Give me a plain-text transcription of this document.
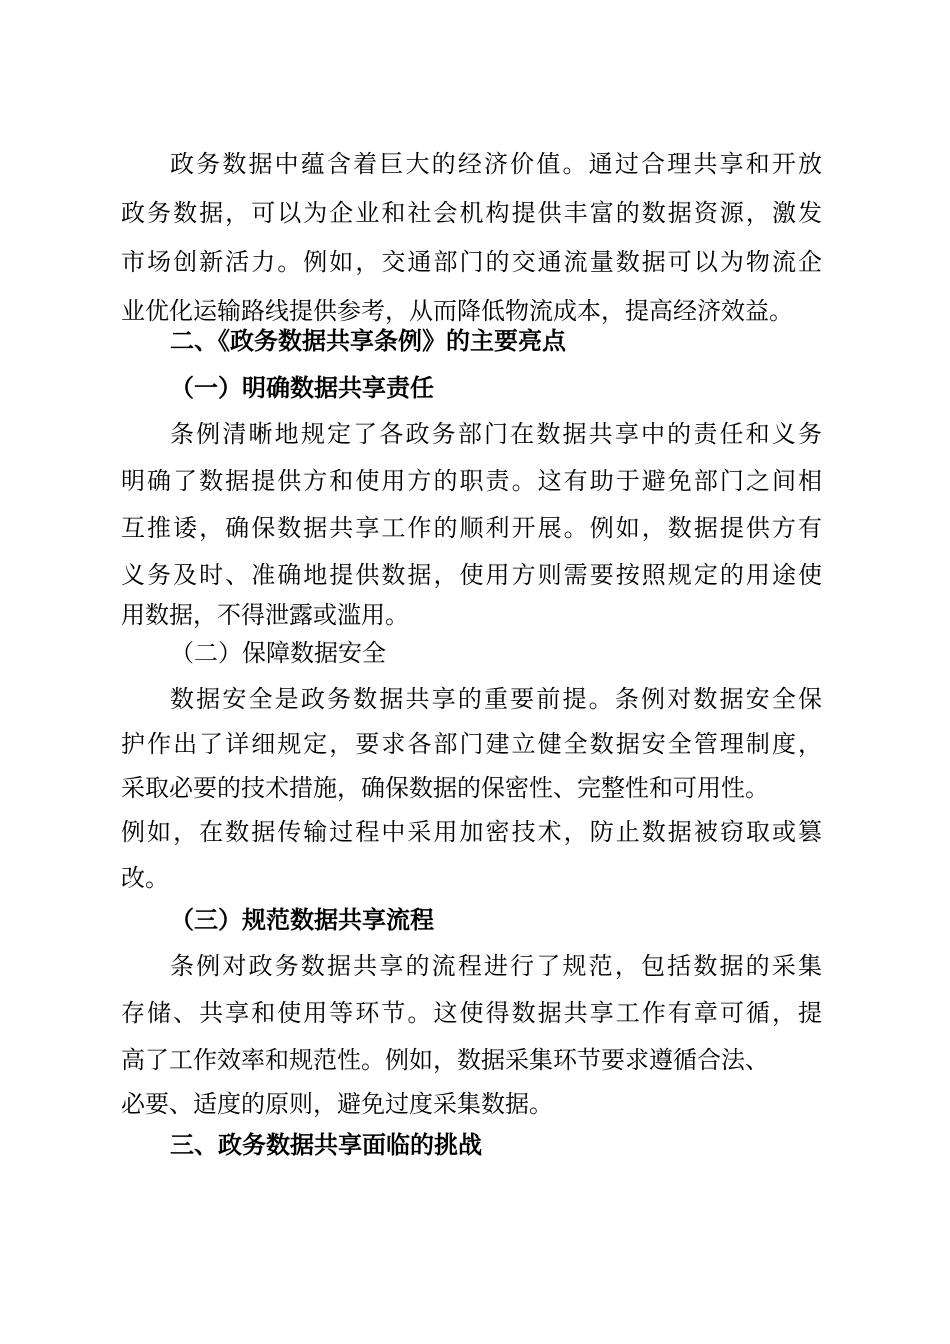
政务数据中蕴含着巨大的经济价值。通过合理共享和开放
政务数据，可以为企业和社会机构提供丰富的数据资源，激发
市场创新活力。例如，交通部门的交通流量数据可以为物流企
业优化运输路线提供参考，从而降低物流成本，提高经济效益。
二、《政务数据共享条例》的主要亮点
（一）明确数据共享责任
条例清晰地规定了各政务部门在数据共享中的责任和义务
明确了数据提供方和使用方的职责。这有助于避免部门之间相
互推诿，确保数据共享工作的顺利开展。例如，数据提供方有
义务及时、准确地提供数据，使用方则需要按照规定的用途使
用数据，不得泄露或滥用。
（二）保障数据安全
数据安全是政务数据共享的重要前提。条例对数据安全保
护作出了详细规定，要求各部门建立健全数据安全管理制度，
采取必要的技术措施，确保数据的保密性、完整性和可用性。
例如，在数据传输过程中采用加密技术，防止数据被窃取或篡
改。
（三）规范数据共享流程
条例对政务数据共享的流程进行了规范，包括数据的采集
存储、共享和使用等环节。这使得数据共享工作有章可循，提
高了工作效率和规范性。例如，数据采集环节要求遵循合法、
必要、适度的原则，避免过度采集数据。
三、政务数据共享面临的挑战
